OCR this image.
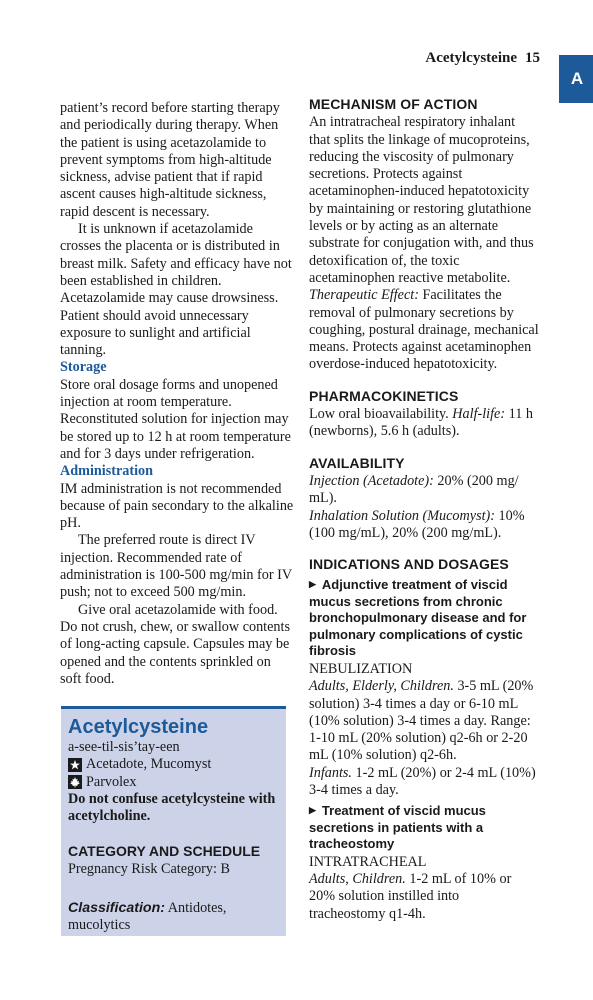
Acetylcysteine 15
A

patient’s record before starting therapy and periodically during therapy. When the patient is using acetazolamide to prevent symptoms from high-altitude sickness, advise patient that if rapid ascent causes high-altitude sickness, rapid descent is necessary.

It is unknown if acetazolamide crosses the placenta or is distributed in breast milk. Safety and efficacy have not been established in children. Acetazolamide may cause drowsiness. Patient should avoid unnecessary exposure to sunlight and artificial tanning.

Storage

Store oral dosage forms and unopened injection at room temperature. Reconstituted solution for injection may be stored up to 12 h at room temperature and for 3 days under refrigeration.

Administration

IM administration is not recommended because of pain secondary to the alkaline pH.

The preferred route is direct IV injection. Recommended rate of administration is 100-500 mg/min for IV push; not to exceed 500 mg/min.

Give oral acetazolamide with food. Do not crush, chew, or swallow contents of long-acting capsule. Capsules may be opened and the contents sprinkled on soft food.

Acetylcysteine
a-see-til-sis’tay-een
Acetadote, Mucomyst
Parvolex
Do not confuse acetylcysteine with acetylcholine.
CATEGORY AND SCHEDULE
Pregnancy Risk Category: B
Classification: Antidotes, mucolytics

MECHANISM OF ACTION

An intratracheal respiratory inhalant that splits the linkage of mucoproteins, reducing the viscosity of pulmonary secretions. Protects against acetaminophen-induced hepatotoxicity by maintaining or restoring glutathione levels or by acting as an alternate substrate for conjugation with, and thus detoxification of, the toxic acetaminophen reactive metabolite. Therapeutic Effect: Facilitates the removal of pulmonary secretions by coughing, postural drainage, mechanical means. Protects against acetaminophen overdose-induced hepatotoxicity.

PHARMACOKINETICS

Low oral bioavailability. Half-life: 11 h (newborns), 5.6 h (adults).

AVAILABILITY

Injection (Acetadote): 20% (200 mg/ mL).

Inhalation Solution (Mucomyst): 10% (100 mg/mL), 20% (200 mg/mL).

INDICATIONS AND DOSAGES

▶ Adjunctive treatment of viscid mucus secretions from chronic bronchopulmonary disease and for pulmonary complications of cystic fibrosis

NEBULIZATION

Adults, Elderly, Children. 3-5 mL (20% solution) 3-4 times a day or 6-10 mL (10% solution) 3-4 times a day. Range: 1-10 mL (20% solution) q2-6h or 2-20 mL (10% solution) q2-6h.

Infants. 1-2 mL (20%) or 2-4 mL (10%) 3-4 times a day.

▶ Treatment of viscid mucus secretions in patients with a tracheostomy

INTRATRACHEAL

Adults, Children. 1-2 mL of 10% or 20% solution instilled into tracheostomy q1-4h.
